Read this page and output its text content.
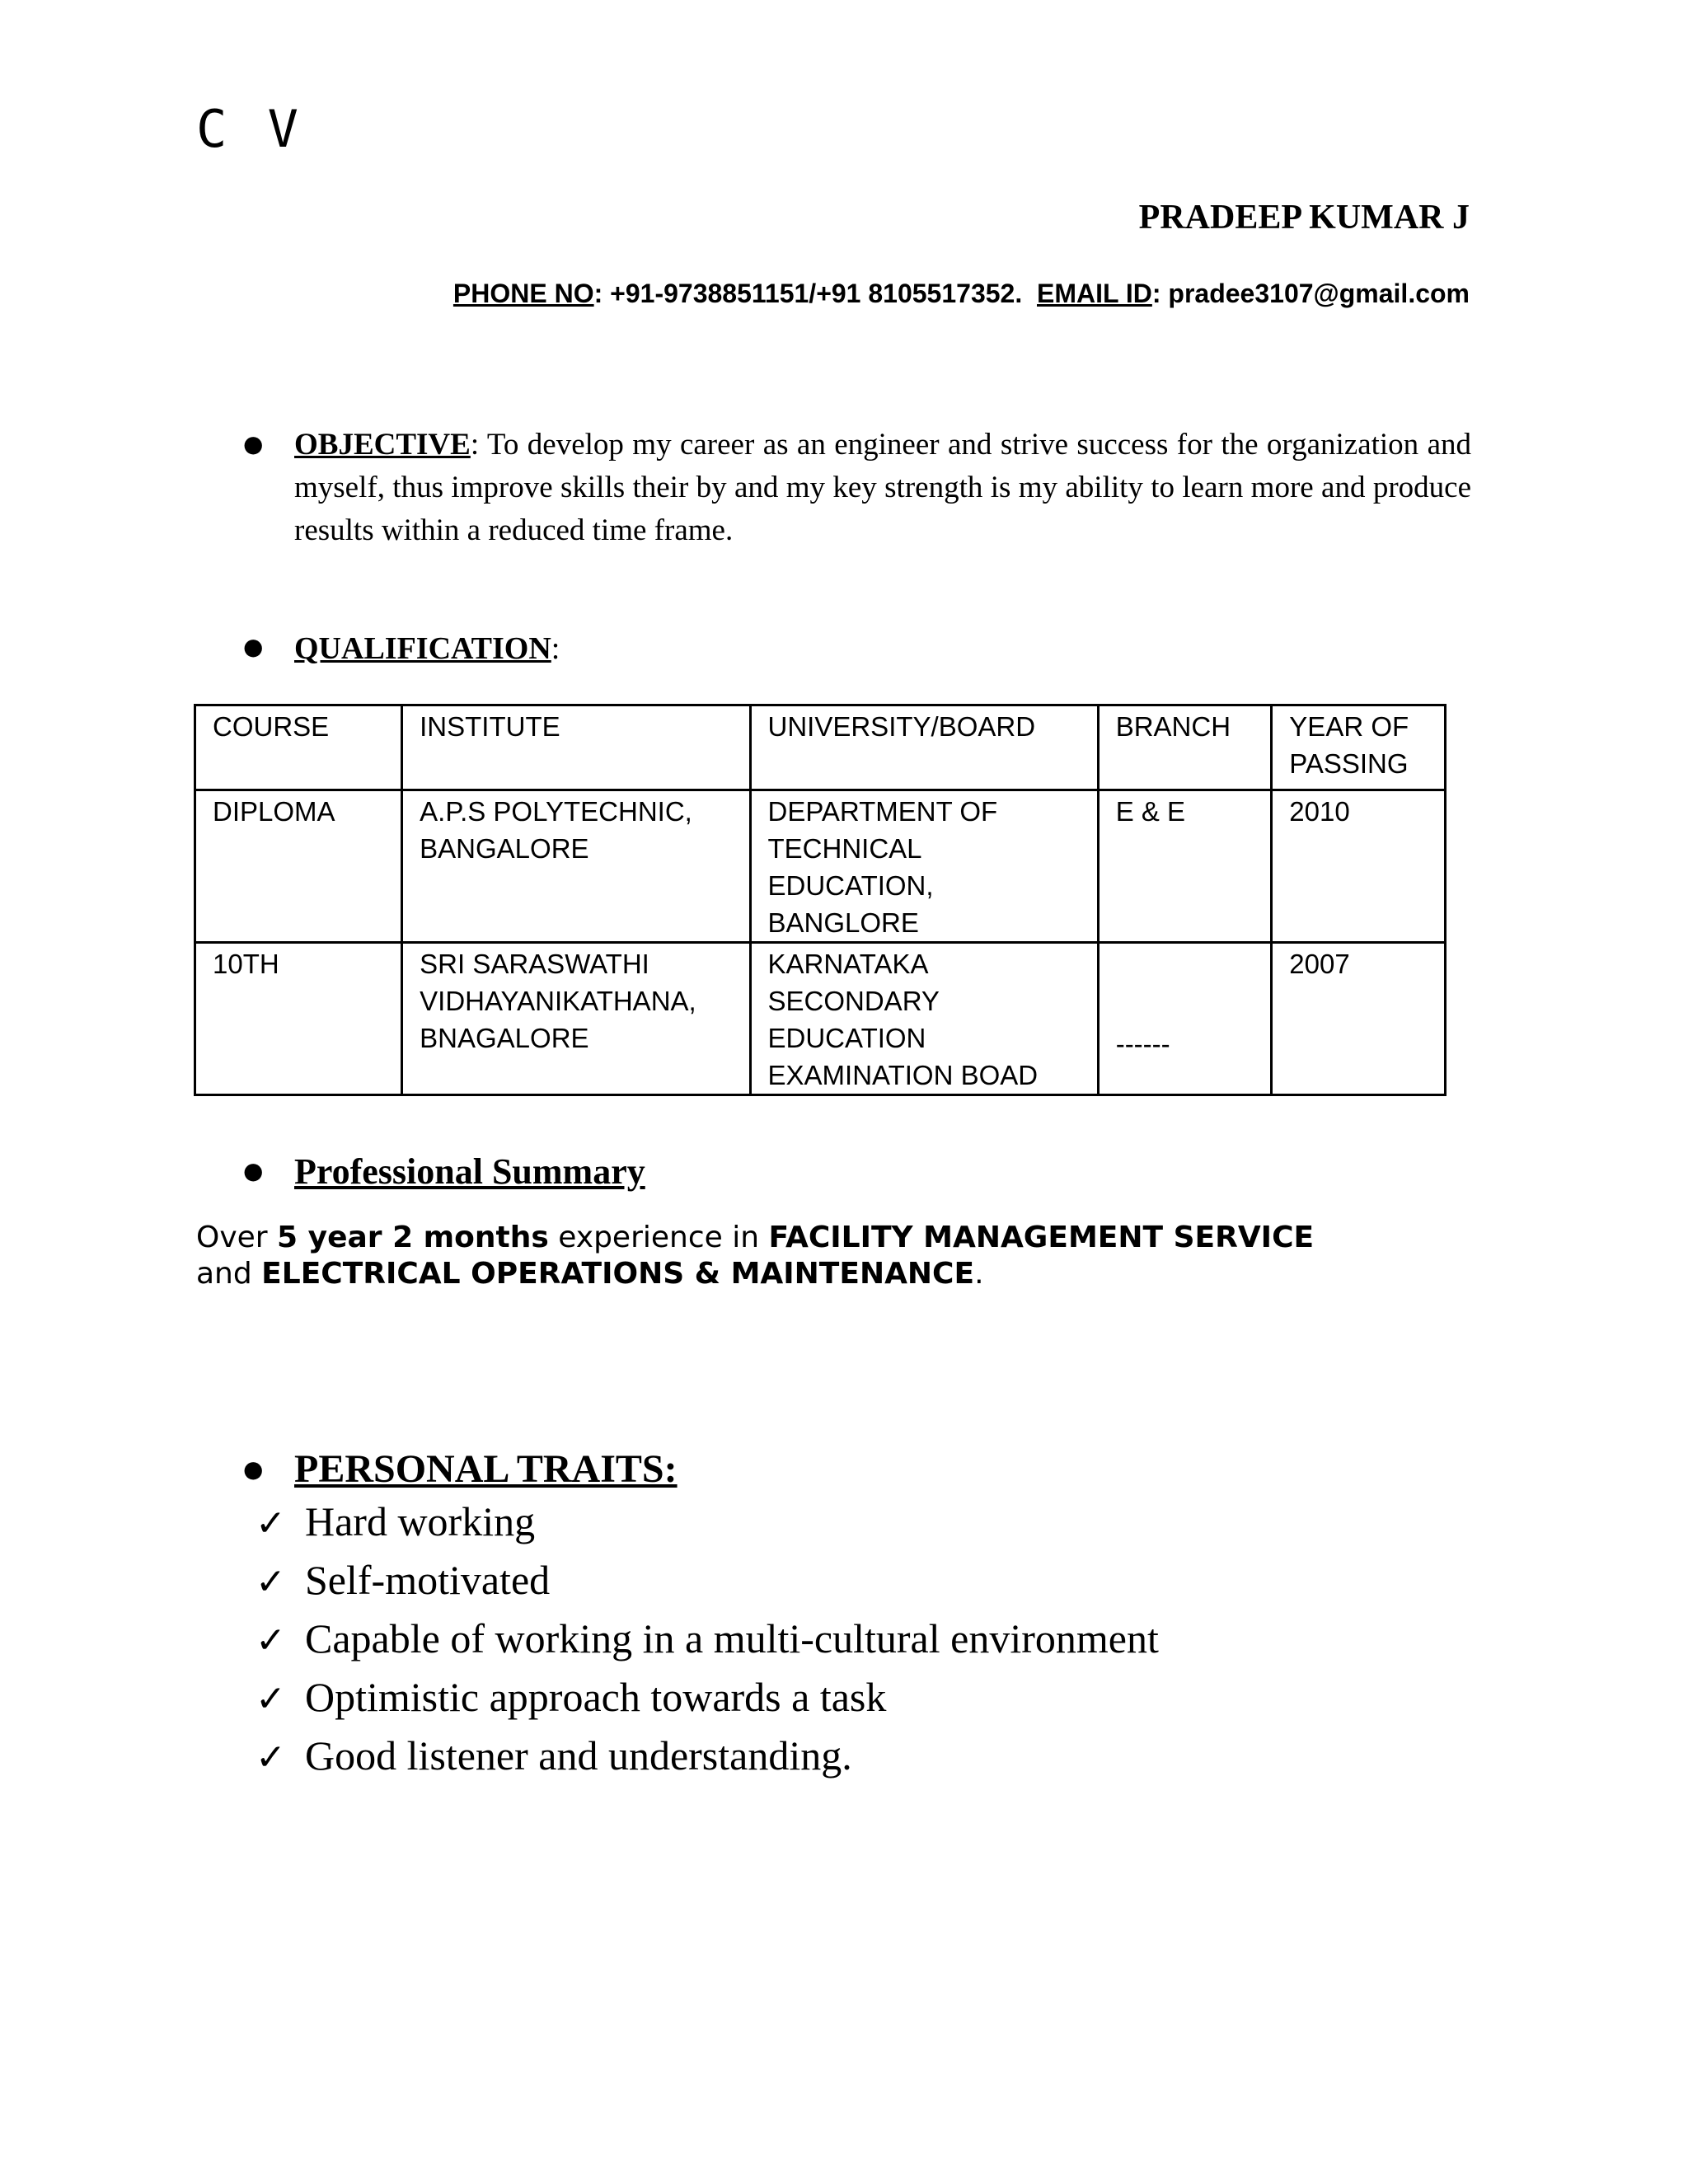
C V
PRADEEP KUMAR J
PHONE NO: +91-9738851151/+91 8105517352. EMAIL ID: pradee3107@gmail.com
● OBJECTIVE: To develop my career as an engineer and strive success for the organization and myself, thus improve skills their by and my key strength is my ability to learn more and produce results within a reduced time frame.
● QUALIFICATION:
COURSE	INSTITUTE	UNIVERSITY/BOARD	BRANCH	YEAR OF PASSING
DIPLOMA	A.P.S POLYTECHNIC, BANGALORE	DEPARTMENT OF TECHNICAL EDUCATION, BANGLORE	E & E	2010
10TH	SRI SARASWATHI VIDHAYANIKATHANA, BNAGALORE	KARNATAKA SECONDARY EDUCATION EXAMINATION BOAD	------	2007
● Professional Summary
Over 5 year 2 months experience in FACILITY MANAGEMENT SERVICE
and ELECTRICAL OPERATIONS & MAINTENANCE.
● PERSONAL TRAITS:
✓ Hard working
✓ Self-motivated
✓ Capable of working in a multi-cultural environment
✓ Optimistic approach towards a task
✓ Good listener and understanding.
